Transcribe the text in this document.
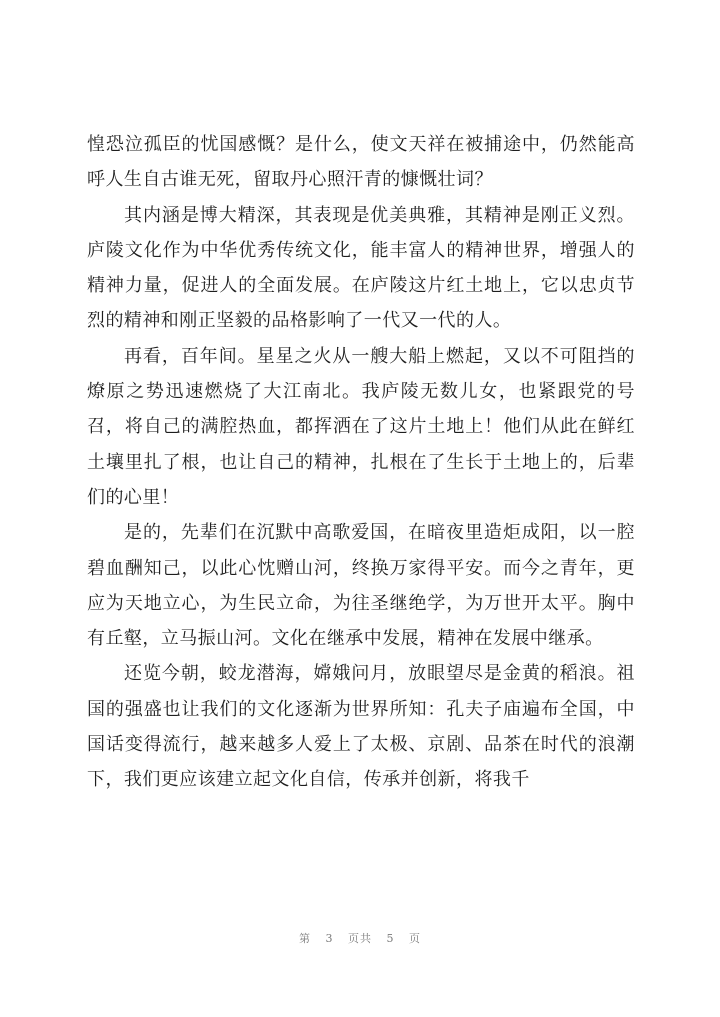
惶恐泣孤臣的忧国感慨？是什么，使文天祥在被捕途中，仍然能高呼人生自古谁无死，留取丹心照汗青的慷慨壮词？

其内涵是博大精深，其表现是优美典雅，其精神是刚正义烈。庐陵文化作为中华优秀传统文化，能丰富人的精神世界，增强人的精神力量，促进人的全面发展。在庐陵这片红土地上，它以忠贞节烈的精神和刚正坚毅的品格影响了一代又一代的人。

再看，百年间。星星之火从一艘大船上燃起，又以不可阻挡的燎原之势迅速燃烧了大江南北。我庐陵无数儿女，也紧跟党的号召，将自己的满腔热血，都挥洒在了这片土地上！他们从此在鲜红土壤里扎了根，也让自己的精神，扎根在了生长于土地上的，后辈们的心里！

是的，先辈们在沉默中高歌爱国，在暗夜里造炬成阳，以一腔碧血酬知己，以此心忱赠山河，终换万家得平安。而今之青年，更应为天地立心，为生民立命，为往圣继绝学，为万世开太平。胸中有丘壑，立马振山河。文化在继承中发展，精神在发展中继承。

还览今朝，蛟龙潜海，嫦娥问月，放眼望尽是金黄的稻浪。祖国的强盛也让我们的文化逐渐为世界所知：孔夫子庙遍布全国，中国话变得流行，越来越多人爱上了太极、京剧、品茶在时代的浪潮下，我们更应该建立起文化自信，传承并创新，将我千

第 3 页共 5 页
